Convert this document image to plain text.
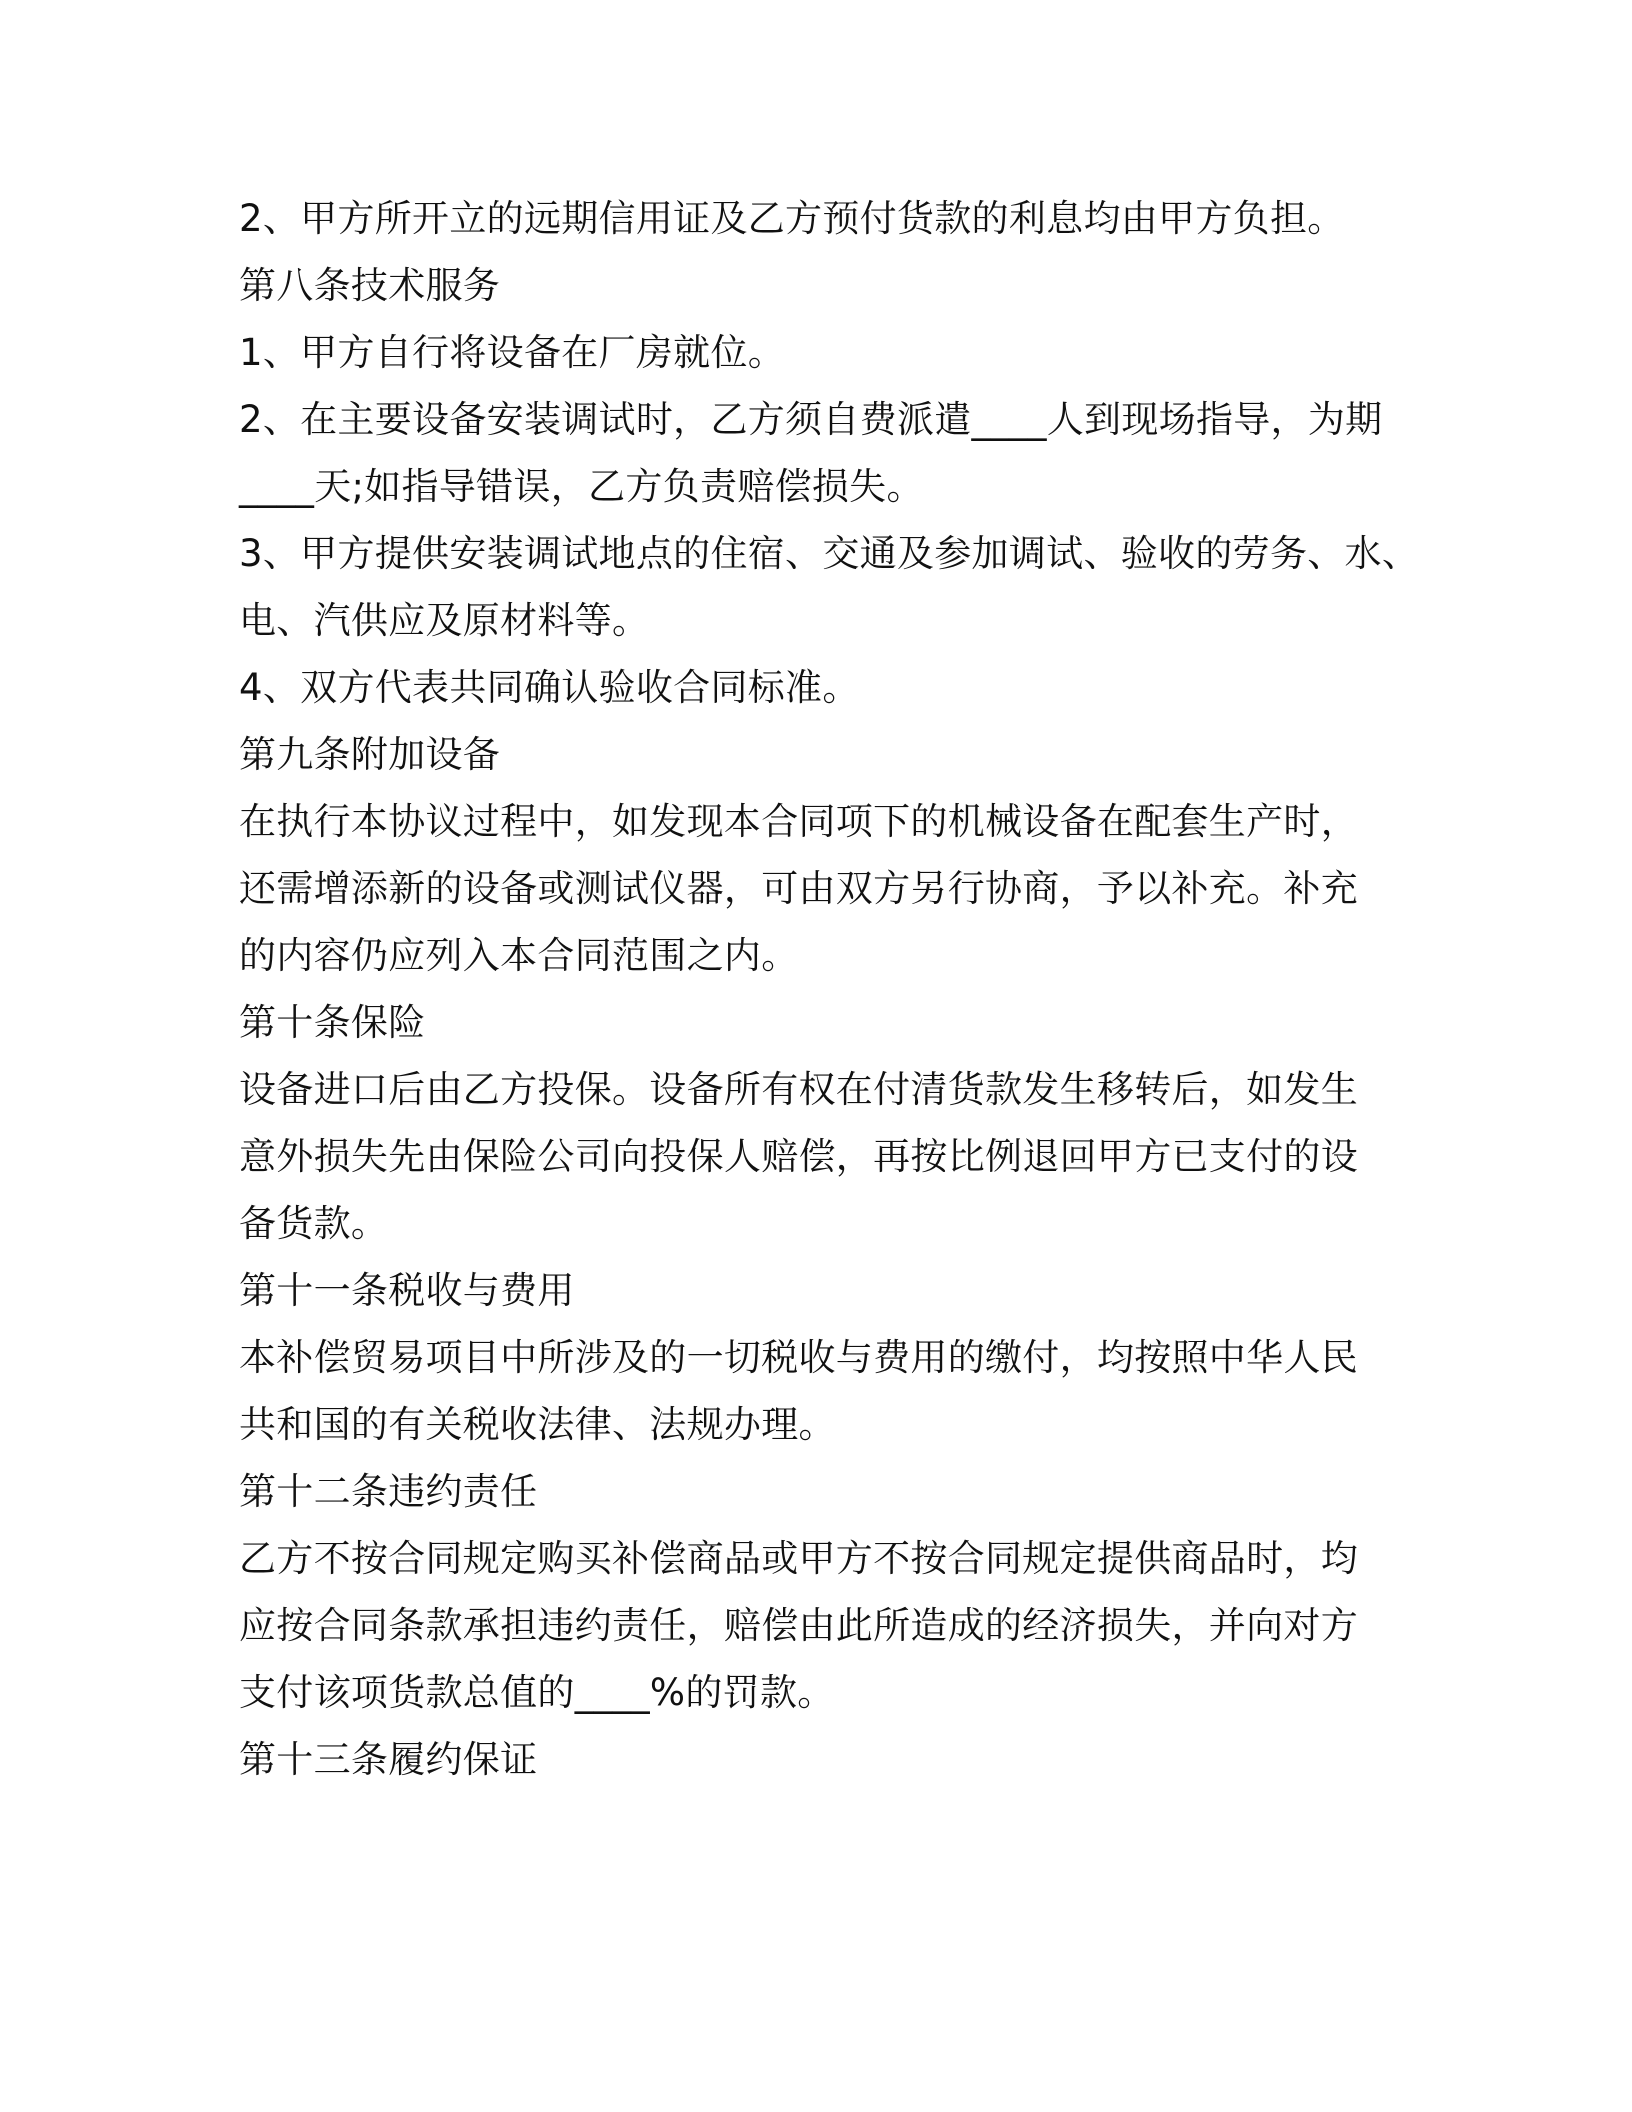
2、甲方所开立的远期信用证及乙方预付货款的利息均由甲方负担。
第八条技术服务
1、甲方自行将设备在厂房就位。
2、在主要设备安装调试时，乙方须自费派遣____人到现场指导，为期
____天;如指导错误，乙方负责赔偿损失。
3、甲方提供安装调试地点的住宿、交通及参加调试、验收的劳务、水、
电、汽供应及原材料等。
4、双方代表共同确认验收合同标准。
第九条附加设备
在执行本协议过程中，如发现本合同项下的机械设备在配套生产时，
还需增添新的设备或测试仪器，可由双方另行协商，予以补充。补充
的内容仍应列入本合同范围之内。
第十条保险
设备进口后由乙方投保。设备所有权在付清货款发生移转后，如发生
意外损失先由保险公司向投保人赔偿，再按比例退回甲方已支付的设
备货款。
第十一条税收与费用
本补偿贸易项目中所涉及的一切税收与费用的缴付，均按照中华人民
共和国的有关税收法律、法规办理。
第十二条违约责任
乙方不按合同规定购买补偿商品或甲方不按合同规定提供商品时，均
应按合同条款承担违约责任，赔偿由此所造成的经济损失，并向对方
支付该项货款总值的____%的罚款。
第十三条履约保证
